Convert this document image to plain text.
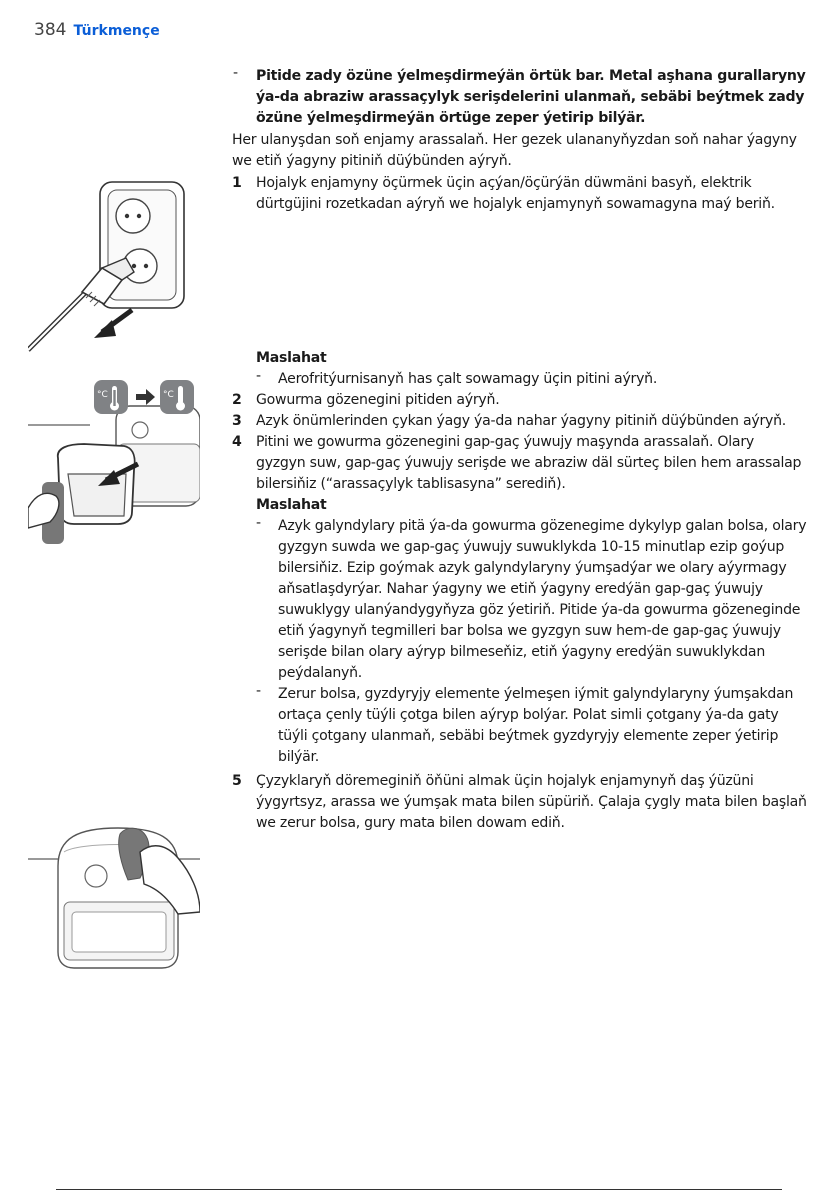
384 Türkmençe
°C	°C
- Pitide zady özüne ýelmeşdirmeýän örtük bar. Metal aşhana gurallaryny ýa-da abraziw arassaçylyk serişdelerini ulanmaň, sebäbi beýtmek zady özüne ýelmeşdirmeýän örtüge zeper ýetirip bilýär.
Her ulanyşdan soň enjamy arassalaň. Her gezek ulananyňyzdan soň nahar ýagyny we etiň ýagyny pitiniň düýbünden aýryň.
1 Hojalyk enjamyny öçürmek üçin açýan/öçürýän düwmäni basyň, elektrik dürtgüjini rozetkadan aýryň we hojalyk enjamynyň sowamagyna maý beriň.
Maslahat
- Aerofritýurnisanyň has çalt sowamagy üçin pitini aýryň.
2 Gowurma gözenegini pitiden aýryň.
3 Azyk önümlerinden çykan ýagy ýa-da nahar ýagyny pitiniň düýbünden aýryň.
4 Pitini we gowurma gözenegini gap-gaç ýuwujy maşynda arassalaň. Olary gyzgyn suw, gap-gaç ýuwujy serişde we abraziw däl sürteç bilen hem arassalap bilersiňiz (“arassaçylyk tablisasyna” serediň).
Maslahat
- Azyk galyndylary pitä ýa-da gowurma gözenegime dykylyp galan bolsa, olary gyzgyn suwda we gap-gaç ýuwujy suwuklykda 10-15 minutlap ezip goýup bilersiňiz. Ezip goýmak azyk galyndylaryny ýumşadýar we olary aýyrmagy aňsatlaşdyrýar. Nahar ýagyny we etiň ýagyny eredýän gap-gaç ýuwujy suwuklygy ulanýandygyňyza göz ýetiriň. Pitide ýa-da gowurma gözeneginde etiň ýagynyň tegmilleri bar bolsa we gyzgyn suw hem-de gap-gaç ýuwujy serişde bilan olary aýryp bilmeseňiz, etiň ýagyny eredýän suwuklykdan peýdalanyň.
- Zerur bolsa, gyzdyryjy elemente ýelmeşen iýmit galyndylaryny ýumşakdan ortaça çenly tüýli çotga bilen aýryp bolýar. Polat simli çotgany ýa-da gaty tüýli çotgany ulanmaň, sebäbi beýtmek gyzdyryjy elemente zeper ýetirip bilýär.
5 Çyzyklaryň döremeginiň öňüni almak üçin hojalyk enjamynyň daş ýüzüni ýygyrtsyz, arassa we ýumşak mata bilen süpüriň. Çalaja çygly mata bilen başlaň we zerur bolsa, gury mata bilen dowam ediň.
